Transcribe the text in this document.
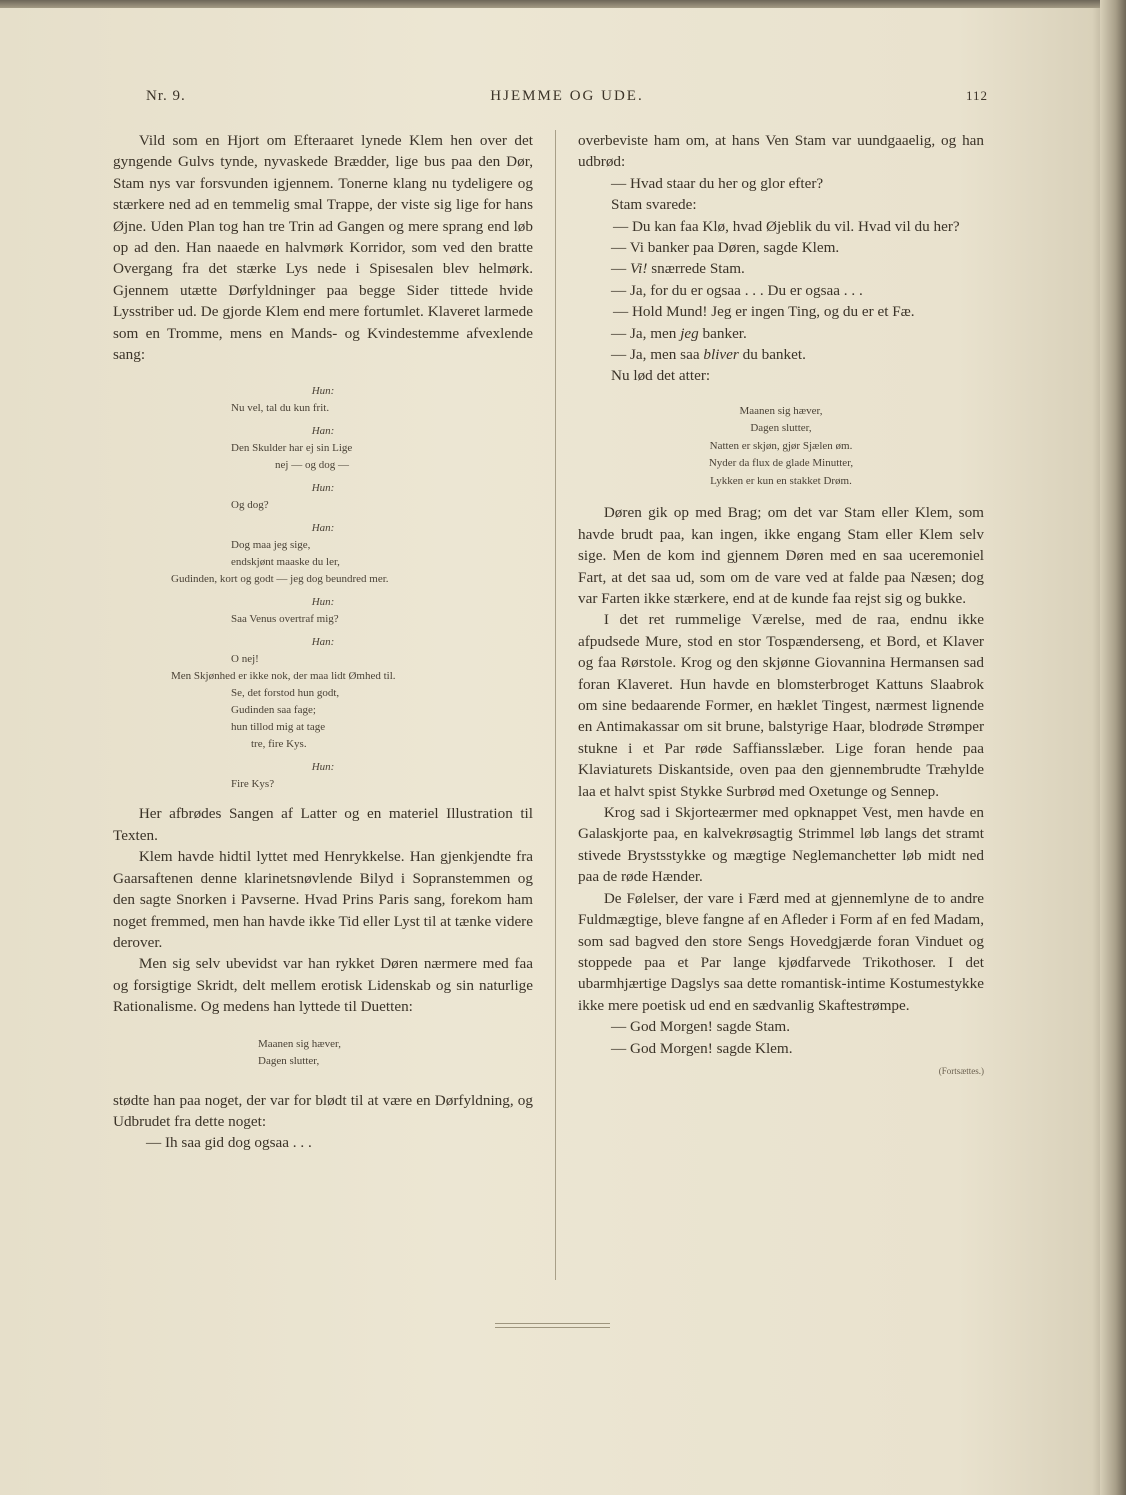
Nr. 9.	HJEMME OG UDE.	112

Vild som en Hjort om Efteraaret lynede Klem hen over det gyngende Gulvs tynde, nyvaskede Brædder, lige bus paa den Dør, Stam nys var forsvunden igjennem. Tonerne klang nu tydeligere og stærkere ned ad en temmelig smal Trappe, der viste sig lige for hans Øjne. Uden Plan tog han tre Trin ad Gangen og mere sprang end løb op ad den. Han naaede en halvmørk Korridor, som ved den bratte Overgang fra det stærke Lys nede i Spisesalen blev helmørk. Gjennem utætte Dørfyldninger paa begge Sider tittede hvide Lysstriber ud. De gjorde Klem end mere fortumlet. Klaveret larmede som en Tromme, mens en Mands- og Kvindestemme afvexlende sang:

Hun:
Nu vel, tal du kun frit.
Han:
Den Skulder har ej sin Lige
nej — og dog —
Hun:
Og dog?
Han:
Dog maa jeg sige,
endskjønt maaske du ler,
Gudinden, kort og godt — jeg dog beundred mer.
Hun:
Saa Venus overtraf mig?
Han:
O nej!
Men Skjønhed er ikke nok, der maa lidt Ømhed til.
Se, det forstod hun godt,
Gudinden saa fage;
hun tillod mig at tage
tre, fire Kys.
Hun:
Fire Kys?

Her afbrødes Sangen af Latter og en materiel Illustration til Texten.

Klem havde hidtil lyttet med Henrykkelse. Han gjenkjendte fra Gaarsaftenen denne klarinetsnøvlende Bilyd i Sopranstemmen og den sagte Snorken i Pavserne. Hvad Prins Paris sang, forekom ham noget fremmed, men han havde ikke Tid eller Lyst til at tænke videre derover.

Men sig selv ubevidst var han rykket Døren nærmere med faa og forsigtige Skridt, delt mellem erotisk Lidenskab og sin naturlige Rationalisme. Og medens han lyttede til Duetten:

Maanen sig hæver,
Dagen slutter,

stødte han paa noget, der var for blødt til at være en Dørfyldning, og Udbrudet fra dette noget:

— Ih saa gid dog ogsaa . . .

overbeviste ham om, at hans Ven Stam var uundgaaelig, og han udbrød:

— Hvad staar du her og glor efter?

Stam svarede:

— Du kan faa Klø, hvad Øjeblik du vil. Hvad vil du her?

— Vi banker paa Døren, sagde Klem.

— Vi! snærrede Stam.

— Ja, for du er ogsaa . . . Du er ogsaa . . .

— Hold Mund! Jeg er ingen Ting, og du er et Fæ.

— Ja, men jeg banker.

— Ja, men saa bliver du banket.

Nu lød det atter:

Maanen sig hæver,
Dagen slutter,
Natten er skjøn, gjør Sjælen øm.
Nyder da flux de glade Minutter,
Lykken er kun en stakket Drøm.

Døren gik op med Brag; om det var Stam eller Klem, som havde brudt paa, kan ingen, ikke engang Stam eller Klem selv sige. Men de kom ind gjennem Døren med en saa uceremoniel Fart, at det saa ud, som om de vare ved at falde paa Næsen; dog var Farten ikke stærkere, end at de kunde faa rejst sig og bukke.

I det ret rummelige Værelse, med de raa, endnu ikke afpudsede Mure, stod en stor Tospænderseng, et Bord, et Klaver og faa Rørstole. Krog og den skjønne Giovannina Hermansen sad foran Klaveret. Hun havde en blomsterbroget Kattuns Slaabrok om sine bedaarende Former, en hæklet Tingest, nærmest lignende en Antimakassar om sit brune, balstyrige Haar, blodrøde Strømper stukne i et Par røde Saffiansslæber. Lige foran hende paa Klaviaturets Diskantside, oven paa den gjennembrudte Træhylde laa et halvt spist Stykke Surbrød med Oxetunge og Sennep.

Krog sad i Skjorteærmer med opknappet Vest, men havde en Galaskjorte paa, en kalvekrøsagtig Strimmel løb langs det stramt stivede Brystsstykke og mægtige Neglemanchetter løb midt ned paa de røde Hænder.

De Følelser, der vare i Færd med at gjennemlyne de to andre Fuldmægtige, bleve fangne af en Afleder i Form af en fed Madam, som sad bagved den store Sengs Hovedgjærde foran Vinduet og stoppede paa et Par lange kjødfarvede Trikothoser. I det ubarmhjærtige Dagslys saa dette romantisk-intime Kostumestykke ikke mere poetisk ud end en sædvanlig Skaftestrømpe.

— God Morgen! sagde Stam.

— God Morgen! sagde Klem.

(Fortsættes.)
